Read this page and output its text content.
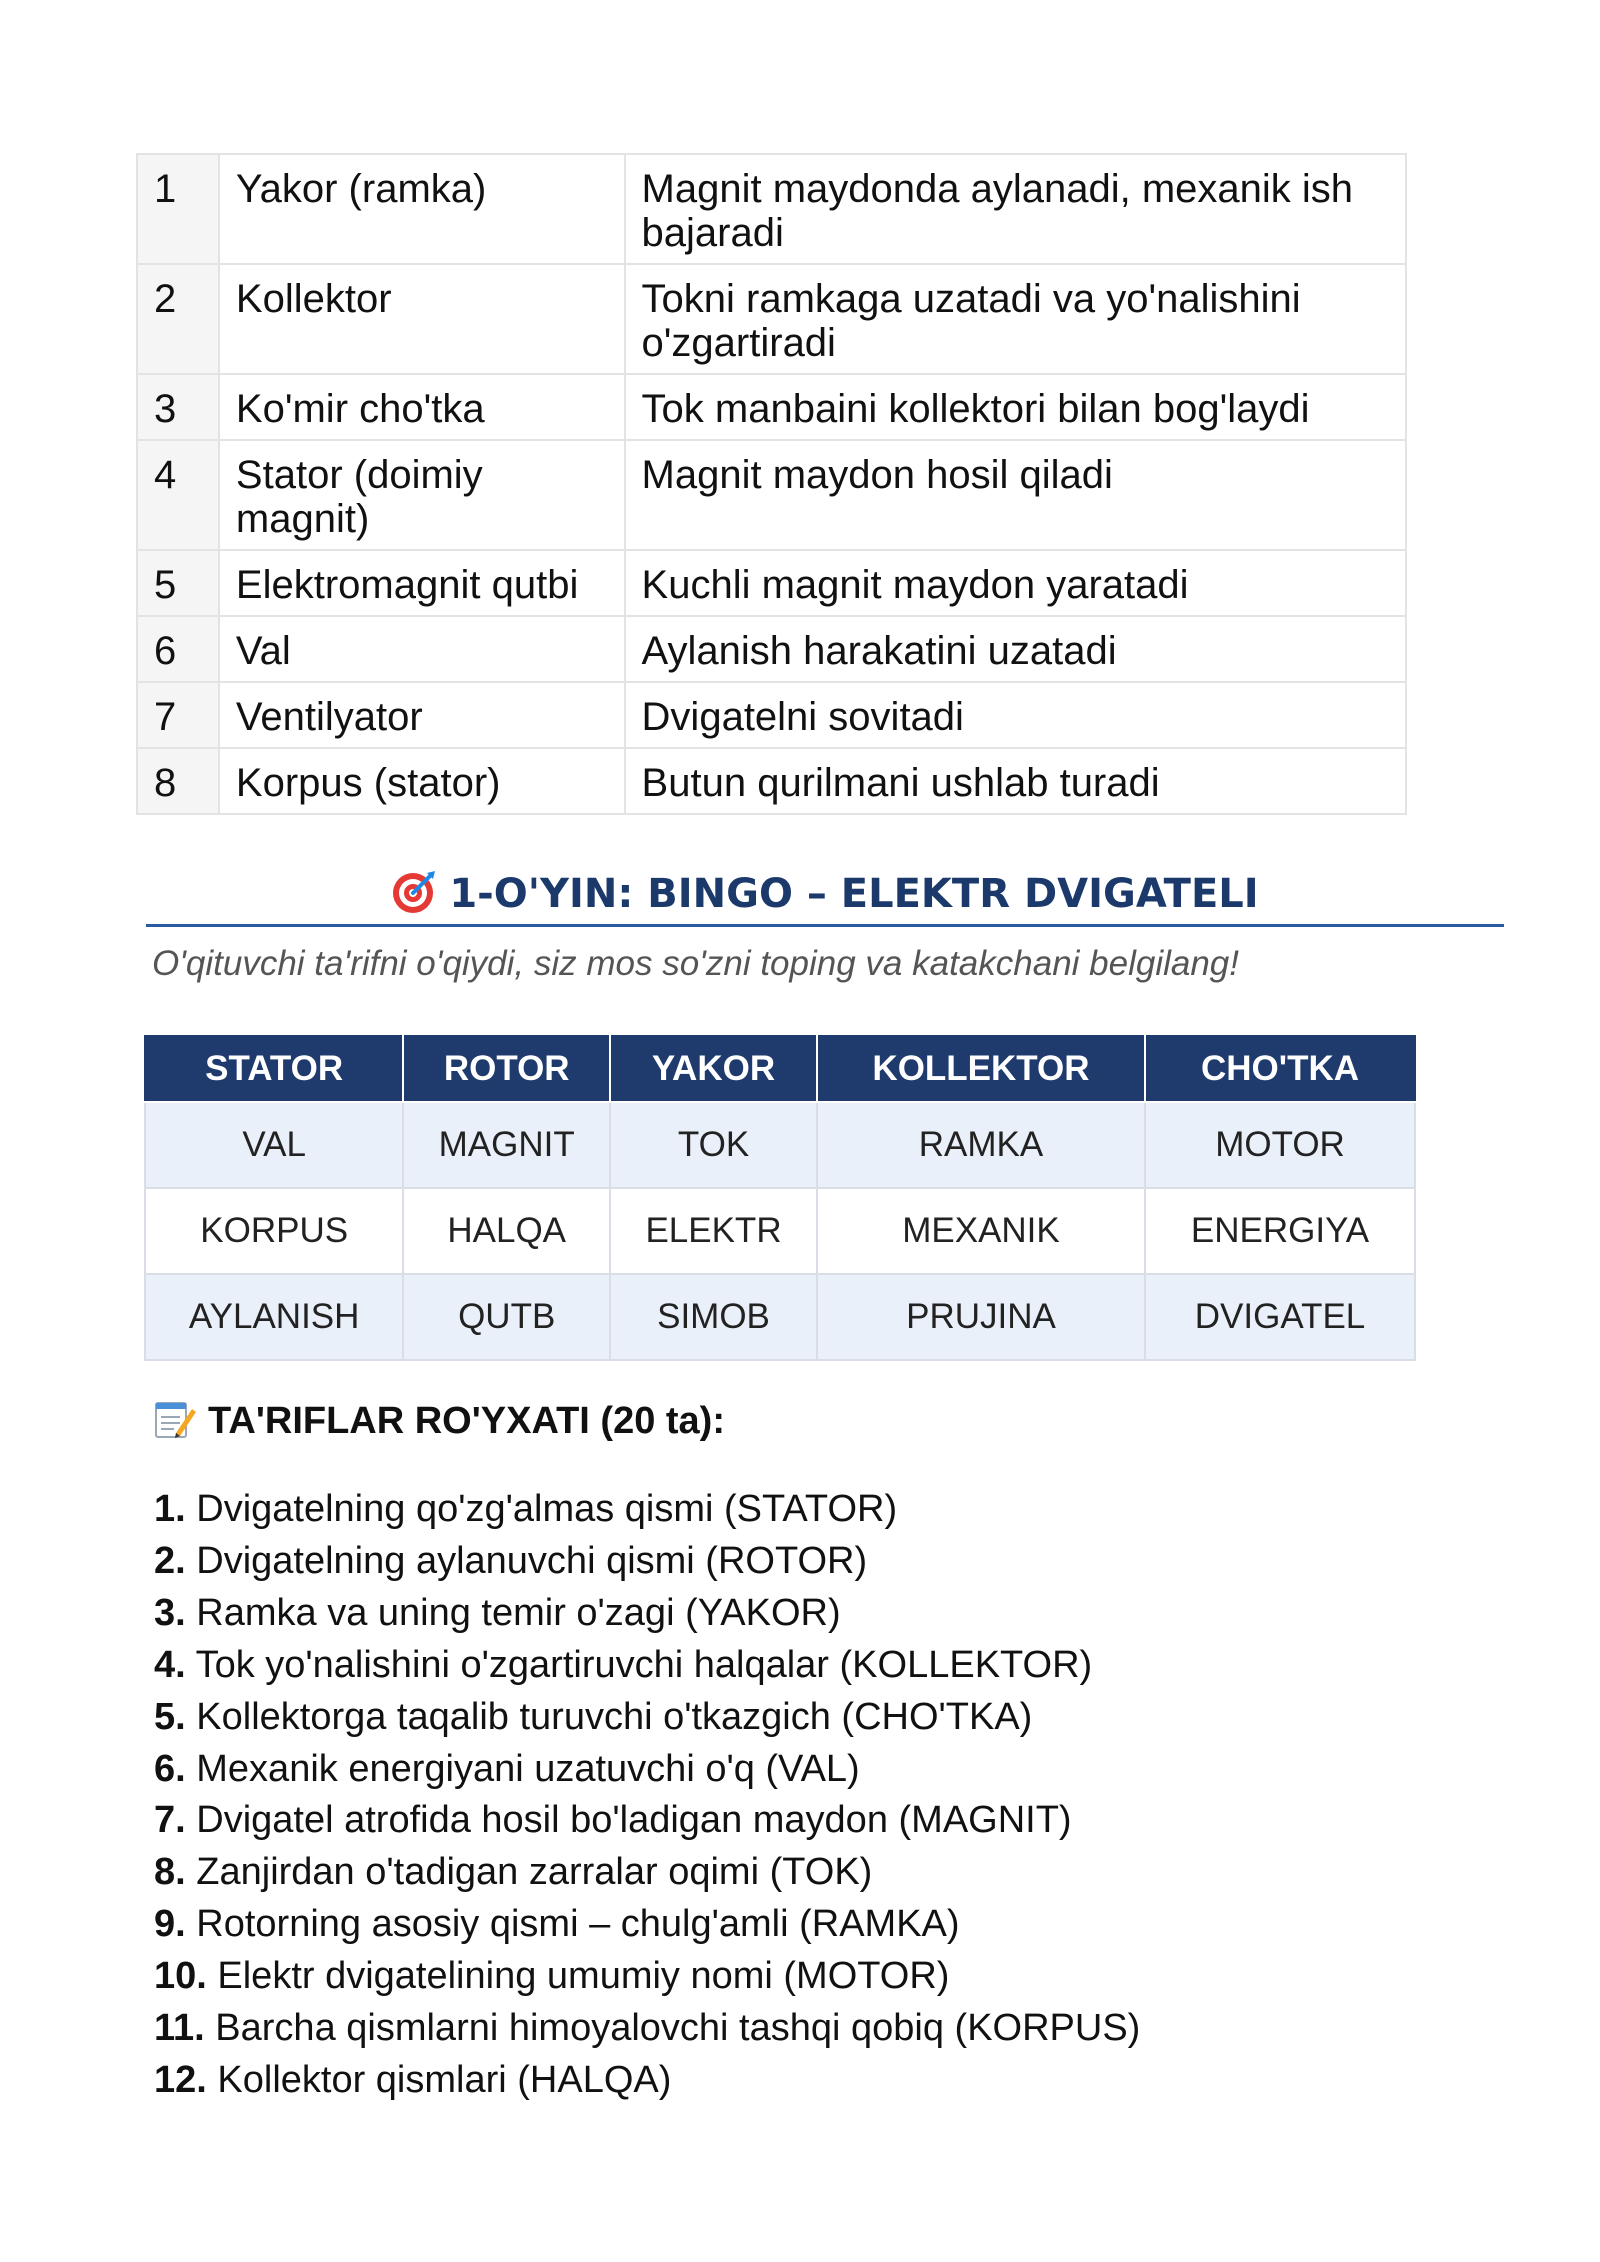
1	Yakor (ramka)	Magnit maydonda aylanadi, mexanik ish bajaradi
2	Kollektor	Tokni ramkaga uzatadi va yo'nalishini o'zgartiradi
3	Ko'mir cho'tka	Tok manbaini kollektori bilan bog'laydi
4	Stator (doimiy magnit)	Magnit maydon hosil qiladi
5	Elektromagnit qutbi	Kuchli magnit maydon yaratadi
6	Val	Aylanish harakatini uzatadi
7	Ventilyator	Dvigatelni sovitadi
8	Korpus (stator)	Butun qurilmani ushlab turadi
1-O'YIN: BINGO – ELEKTR DVIGATELI
O'qituvchi ta'rifni o'qiydi, siz mos so'zni toping va katakchani belgilang!
STATOR	ROTOR	YAKOR	KOLLEKTOR	CHO'TKA
VAL	MAGNIT	TOK	RAMKA	MOTOR
KORPUS	HALQA	ELEKTR	MEXANIK	ENERGIYA
AYLANISH	QUTB	SIMOB	PRUJINA	DVIGATEL
TA'RIFLAR RO'YXATI (20 ta):
1. Dvigatelning qo'zg'almas qismi (STATOR)
2. Dvigatelning aylanuvchi qismi (ROTOR)
3. Ramka va uning temir o'zagi (YAKOR)
4. Tok yo'nalishini o'zgartiruvchi halqalar (KOLLEKTOR)
5. Kollektorga taqalib turuvchi o'tkazgich (CHO'TKA)
6. Mexanik energiyani uzatuvchi o'q (VAL)
7. Dvigatel atrofida hosil bo'ladigan maydon (MAGNIT)
8. Zanjirdan o'tadigan zarralar oqimi (TOK)
9. Rotorning asosiy qismi – chulg'amli (RAMKA)
10. Elektr dvigatelining umumiy nomi (MOTOR)
11. Barcha qismlarni himoyalovchi tashqi qobiq (KORPUS)
12. Kollektor qismlari (HALQA)
